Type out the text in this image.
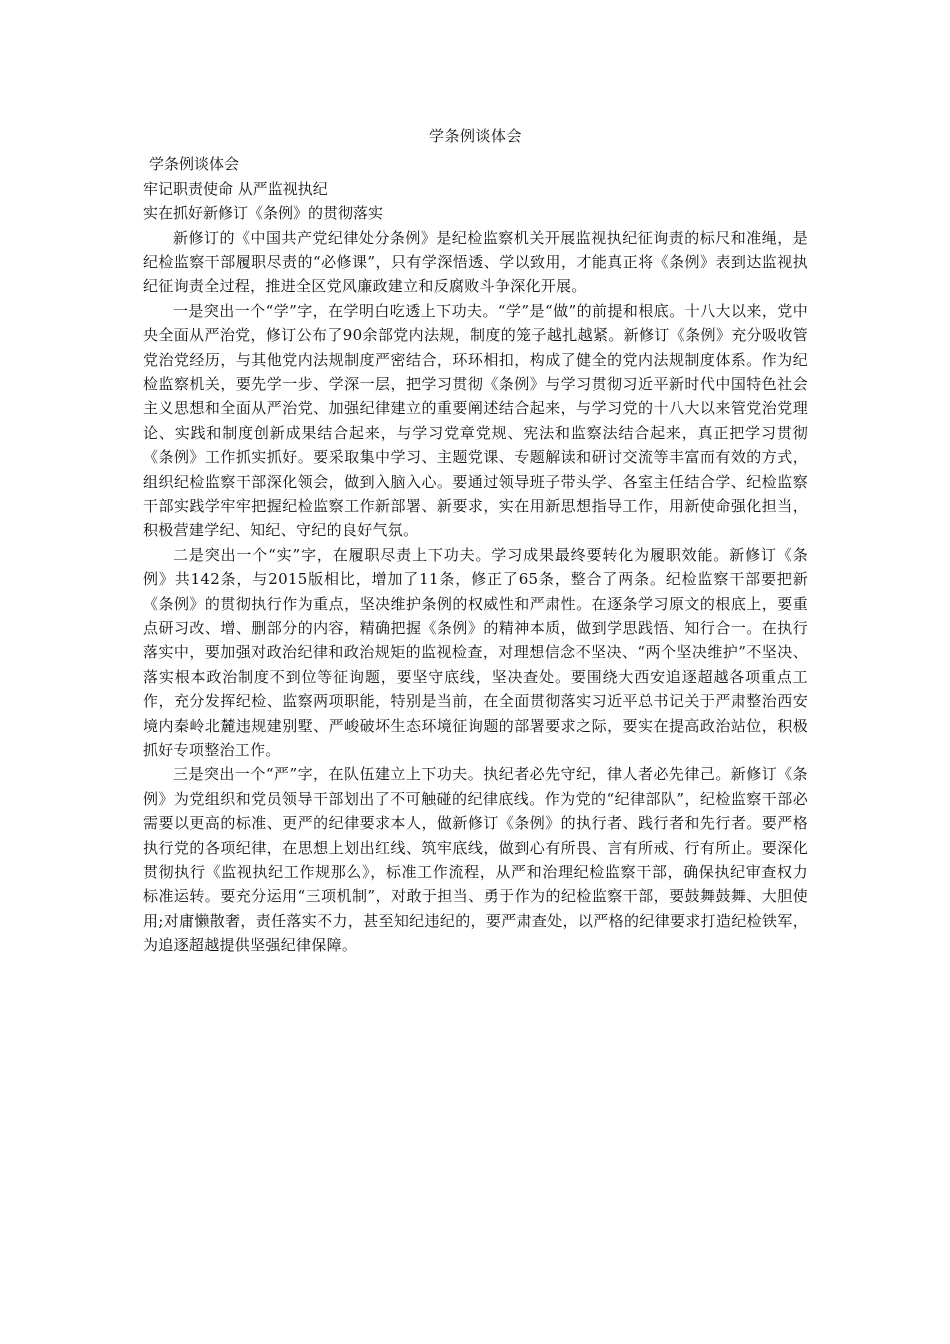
学条例谈体会

学条例谈体会

牢记职责使命 从严监视执纪

实在抓好新修订《条例》的贯彻落实

新修订的《中国共产党纪律处分条例》是纪检监察机关开展监视执纪征询责的标尺和准绳，是纪检监察干部履职尽责的“必修课”，只有学深悟透、学以致用，才能真正将《条例》表到达监视执纪征询责全过程，推进全区党风廉政建立和反腐败斗争深化开展。

一是突出一个“学”字，在学明白吃透上下功夫。“学”是“做”的前提和根底。十八大以来，党中央全面从严治党，修订公布了90余部党内法规，制度的笼子越扎越紧。新修订《条例》充分吸收管党治党经历，与其他党内法规制度严密结合，环环相扣，构成了健全的党内法规制度体系。作为纪检监察机关，要先学一步、学深一层，把学习贯彻《条例》与学习贯彻习近平新时代中国特色社会主义思想和全面从严治党、加强纪律建立的重要阐述结合起来，与学习党的十八大以来管党治党理论、实践和制度创新成果结合起来，与学习党章党规、宪法和监察法结合起来，真正把学习贯彻《条例》工作抓实抓好。要采取集中学习、主题党课、专题解读和研讨交流等丰富而有效的方式，组织纪检监察干部深化领会，做到入脑入心。要通过领导班子带头学、各室主任结合学、纪检监察干部实践学牢牢把握纪检监察工作新部署、新要求，实在用新思想指导工作，用新使命强化担当，积极营建学纪、知纪、守纪的良好气氛。

二是突出一个“实”字，在履职尽责上下功夫。学习成果最终要转化为履职效能。新修订《条例》共142条，与2015版相比，增加了11条，修正了65条，整合了两条。纪检监察干部要把新《条例》的贯彻执行作为重点，坚决维护条例的权威性和严肃性。在逐条学习原文的根底上，要重点研习改、增、删部分的内容，精确把握《条例》的精神本质，做到学思践悟、知行合一。在执行落实中，要加强对政治纪律和政治规矩的监视检查，对理想信念不坚决、“两个坚决维护”不坚决、落实根本政治制度不到位等征询题，要坚守底线，坚决查处。要围绕大西安追逐超越各项重点工作，充分发挥纪检、监察两项职能，特别是当前，在全面贯彻落实习近平总书记关于严肃整治西安境内秦岭北麓违规建别墅、严峻破坏生态环境征询题的部署要求之际，要实在提高政治站位，积极抓好专项整治工作。

三是突出一个“严”字，在队伍建立上下功夫。执纪者必先守纪，律人者必先律己。新修订《条例》为党组织和党员领导干部划出了不可触碰的纪律底线。作为党的“纪律部队”，纪检监察干部必需要以更高的标准、更严的纪律要求本人，做新修订《条例》的执行者、践行者和先行者。要严格执行党的各项纪律，在思想上划出红线、筑牢底线，做到心有所畏、言有所戒、行有所止。要深化贯彻执行《监视执纪工作规那么》，标准工作流程，从严和治理纪检监察干部，确保执纪审查权力标准运转。要充分运用“三项机制”，对敢于担当、勇于作为的纪检监察干部，要鼓舞鼓舞、大胆使用;对庸懒散奢，责任落实不力，甚至知纪违纪的，要严肃查处，以严格的纪律要求打造纪检铁军，为追逐超越提供坚强纪律保障。
